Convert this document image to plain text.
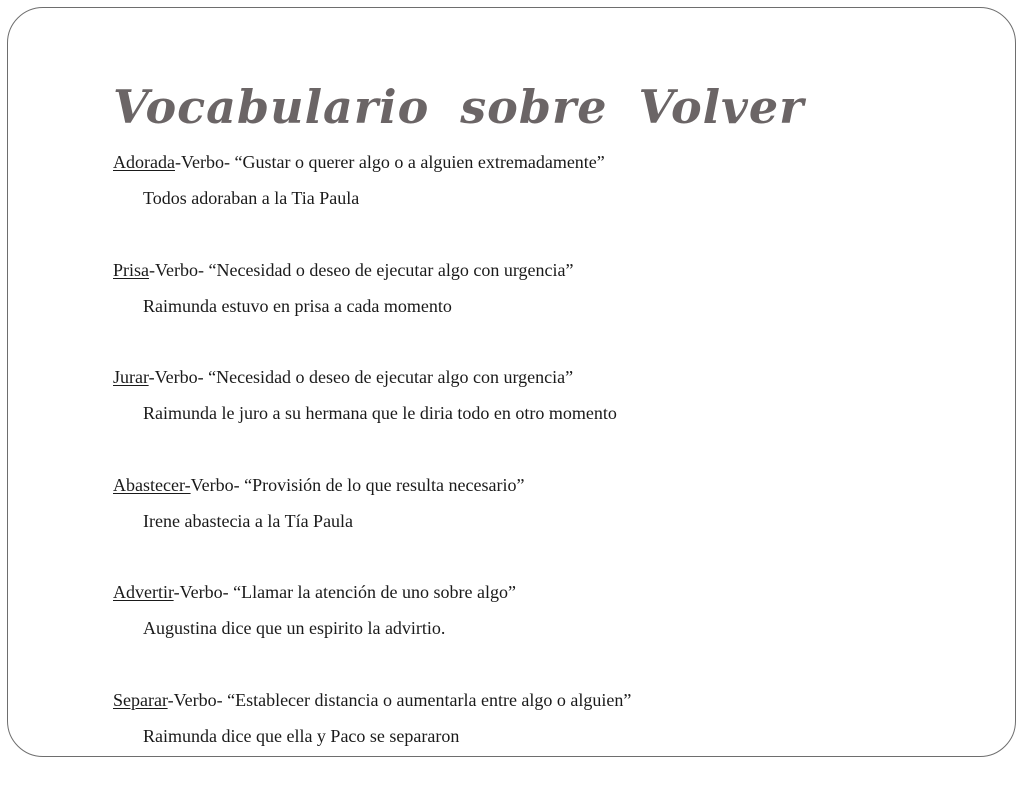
Vocabulario sobre Volver
Adorada-Verbo- “Gustar o querer algo o a alguien extremadamente”
Todos adoraban a la Tia Paula
Prisa-Verbo- “Necesidad o deseo de ejecutar algo con urgencia”
Raimunda estuvo en prisa a cada momento
Jurar-Verbo- “Necesidad o deseo de ejecutar algo con urgencia”
Raimunda le juro a su hermana que le diria todo en otro momento
Abastecer-Verbo- “Provisión de lo que resulta necesario”
Irene abastecia a la Tía Paula
Advertir-Verbo- “Llamar la atención de uno sobre algo”
Augustina dice que un espirito la advirtio.
Separar-Verbo- “Establecer distancia o aumentarla entre algo o alguien”
Raimunda dice que ella y Paco se separaron
